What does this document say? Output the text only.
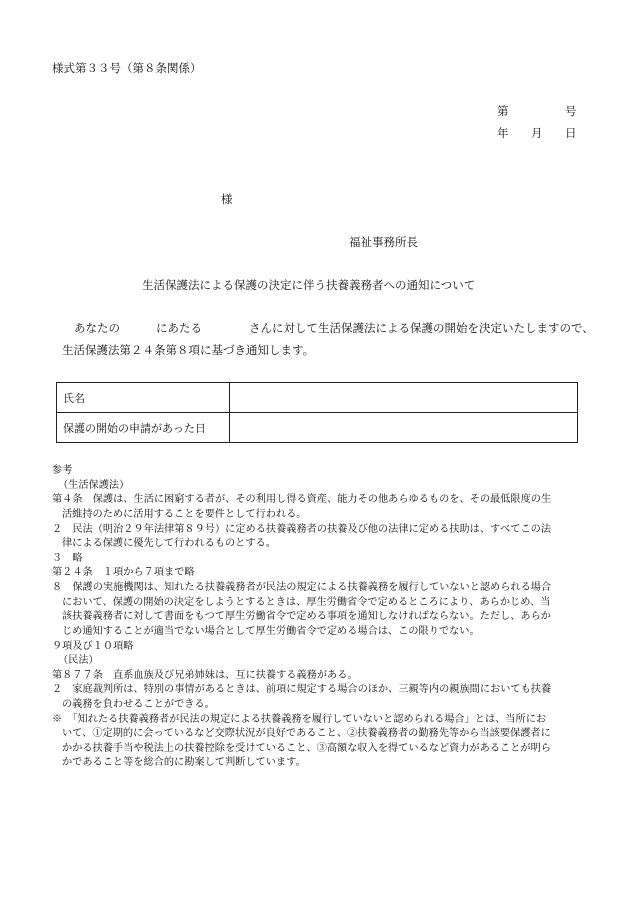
様式第３３号（第８条関係）
第	号
年 月 日
様
福祉事務所長
生活保護法による保護の決定に伴う扶養義務者への通知について
あなたの	にあたる	さんに対して生活保護法による保護の開始を決定いたしますので、
生活保護法第２４条第８項に基づき通知します。
氏名	
保護の開始の申請があった日	
参考
（生活保護法）
第４条　保護は、生活に困窮する者が、その利用し得る資産、能力その他あらゆるものを、その最低限度の生
活維持のために活用することを要件として行われる。
２　民法（明治２９年法律第８９号）に定める扶養義務者の扶養及び他の法律に定める扶助は、すべてこの法
律による保護に優先して行われるものとする。
３　略
第２４条　１項から７項まで略
８　保護の実施機関は、知れたる扶養義務者が民法の規定による扶養義務を履行していないと認められる場合
において、保護の開始の決定をしようとするときは、厚生労働省令で定めるところにより、あらかじめ、当
該扶養義務者に対して書面をもつて厚生労働省令で定める事項を通知しなければならない。ただし、あらか
じめ通知することが適当でない場合として厚生労働省令で定める場合は、この限りでない。
９項及び１０項略
（民法）
第８７７条　直系血族及び兄弟姉妹は、互に扶養する義務がある。
２　家庭裁判所は、特別の事情があるときは、前項に規定する場合のほか、三親等内の親族間においても扶養
の義務を負わせることができる。
※　「知れたる扶養義務者が民法の規定による扶養義務を履行していないと認められる場合」とは、当所にお
いて、①定期的に会っているなど交際状況が良好であること、②扶養義務者の勤務先等から当該要保護者に
かかる扶養手当や税法上の扶養控除を受けていること、③高額な収入を得ているなど資力があることが明ら
かであること等を総合的に勘案して判断しています。
